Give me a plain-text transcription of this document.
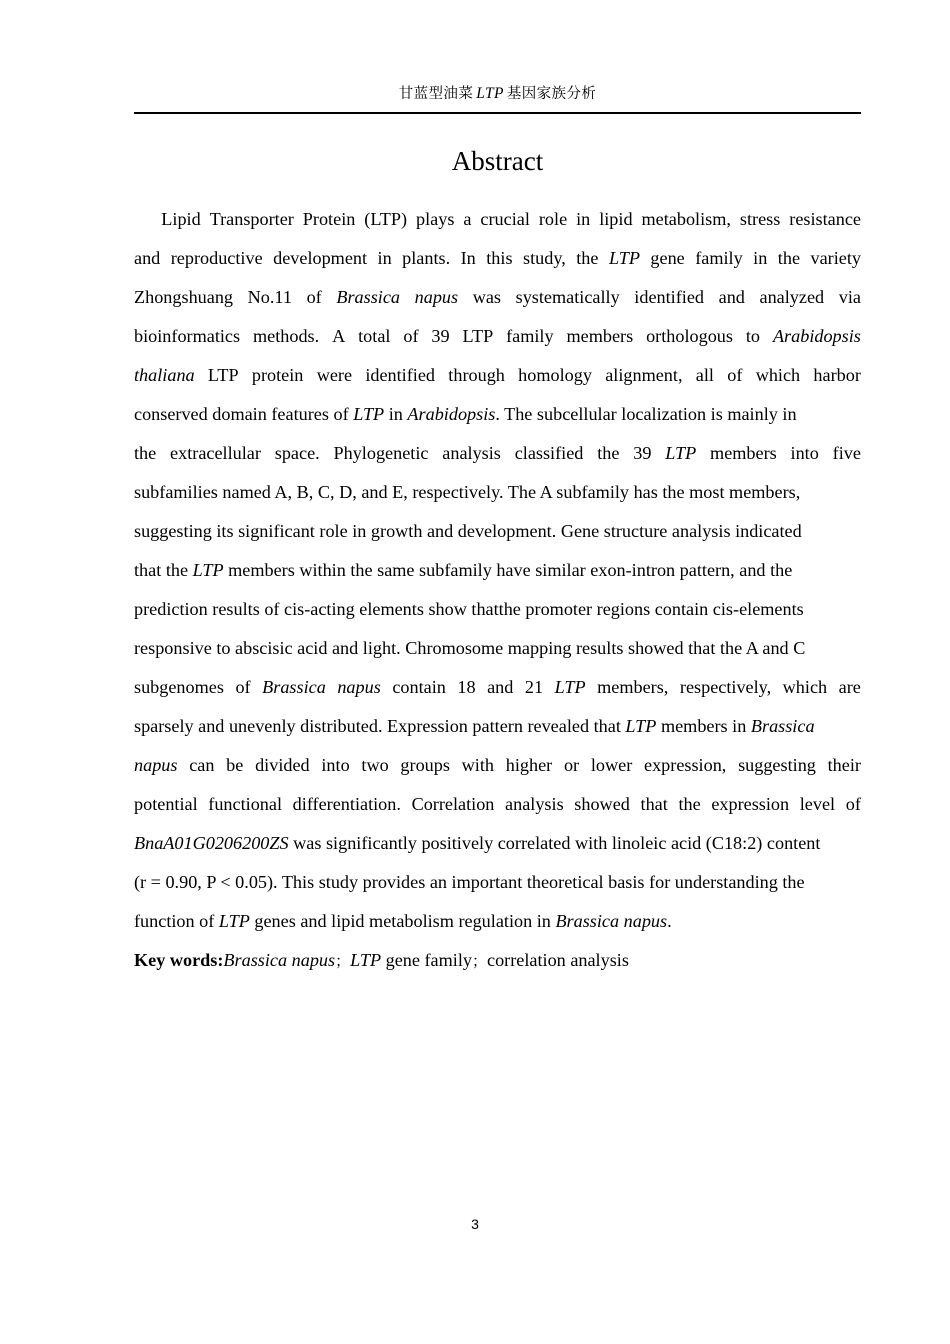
甘蓝型油菜 LTP 基因家族分析
Abstract
Lipid Transporter Protein (LTP) plays a crucial role in lipid metabolism, stress resistance
and reproductive development in plants. In this study, the LTP gene family in the variety
Zhongshuang No.11 of Brassica napus was systematically identified and analyzed via
bioinformatics methods. A total of 39 LTP family members orthologous to Arabidopsis
thaliana LTP protein were identified through homology alignment, all of which harbor
conserved domain features of LTP in Arabidopsis. The subcellular localization is mainly in
the extracellular space. Phylogenetic analysis classified the 39 LTP members into five
subfamilies named A, B, C, D, and E, respectively. The A subfamily has the most members,
suggesting its significant role in growth and development. Gene structure analysis indicated
that the LTP members within the same subfamily have similar exon-intron pattern, and the
prediction results of cis-acting elements show thatthe promoter regions contain cis-elements
responsive to abscisic acid and light. Chromosome mapping results showed that the A and C
subgenomes of Brassica napus contain 18 and 21 LTP members, respectively, which are
sparsely and unevenly distributed. Expression pattern revealed that LTP members in Brassica
napus can be divided into two groups with higher or lower expression, suggesting their
potential functional differentiation. Correlation analysis showed that the expression level of
BnaA01G0206200ZS was significantly positively correlated with linoleic acid (C18:2) content
(r = 0.90, P < 0.05). This study provides an important theoretical basis for understanding the
function of LTP genes and lipid metabolism regulation in Brassica napus.
Key words:Brassica napus；LTP gene family；correlation analysis
3
